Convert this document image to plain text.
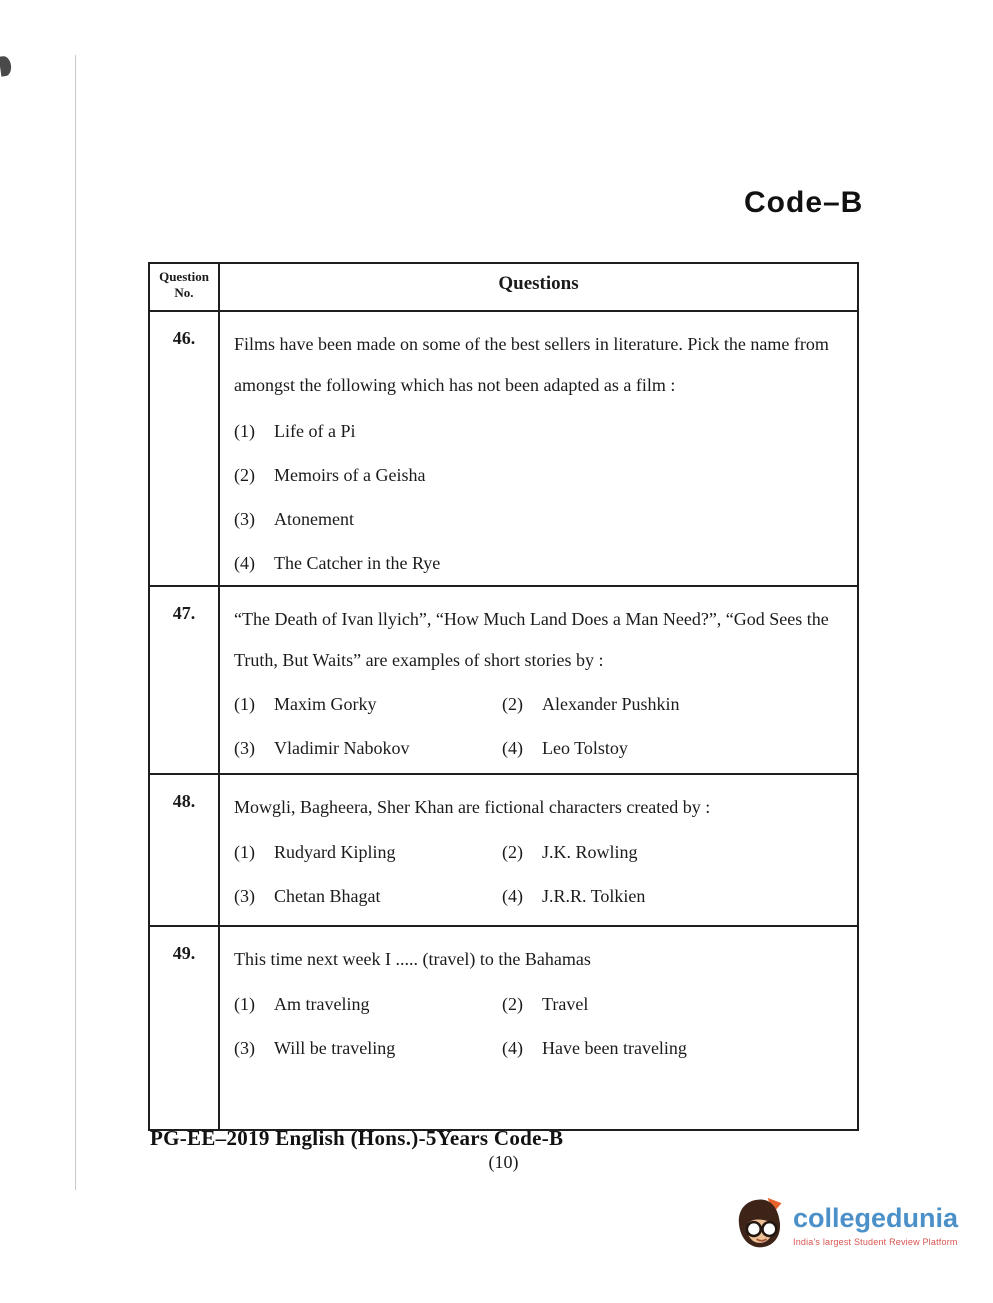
Code–B
Question No.	Questions
46.	Films have been made on some of the best sellers in literature. Pick the name from amongst the following which has not been adapted as a film :

(1) Life of a Pi
(2) Memoirs of a Geisha
(3) Atonement
(4) The Catcher in the Rye
47.	“The Death of Ivan llyich”, “How Much Land Does a Man Need?”, “God Sees the Truth, But Waits” are examples of short stories by :

(1) Maxim Gorky	(2) Alexander Pushkin
(3) Vladimir Nabokov	(4) Leo Tolstoy
48.	Mowgli, Bagheera, Sher Khan are fictional characters created by :

(1) Rudyard Kipling	(2) J.K. Rowling
(3) Chetan Bhagat	(4) J.R.R. Tolkien
49.	This time next week I ..... (travel) to the Bahamas

(1) Am traveling	(2) Travel
(3) Will be traveling	(4) Have been traveling
PG-EE–2019 English (Hons.)-5Years Code-B
(10)
collegedunia
India's largest Student Review Platform
